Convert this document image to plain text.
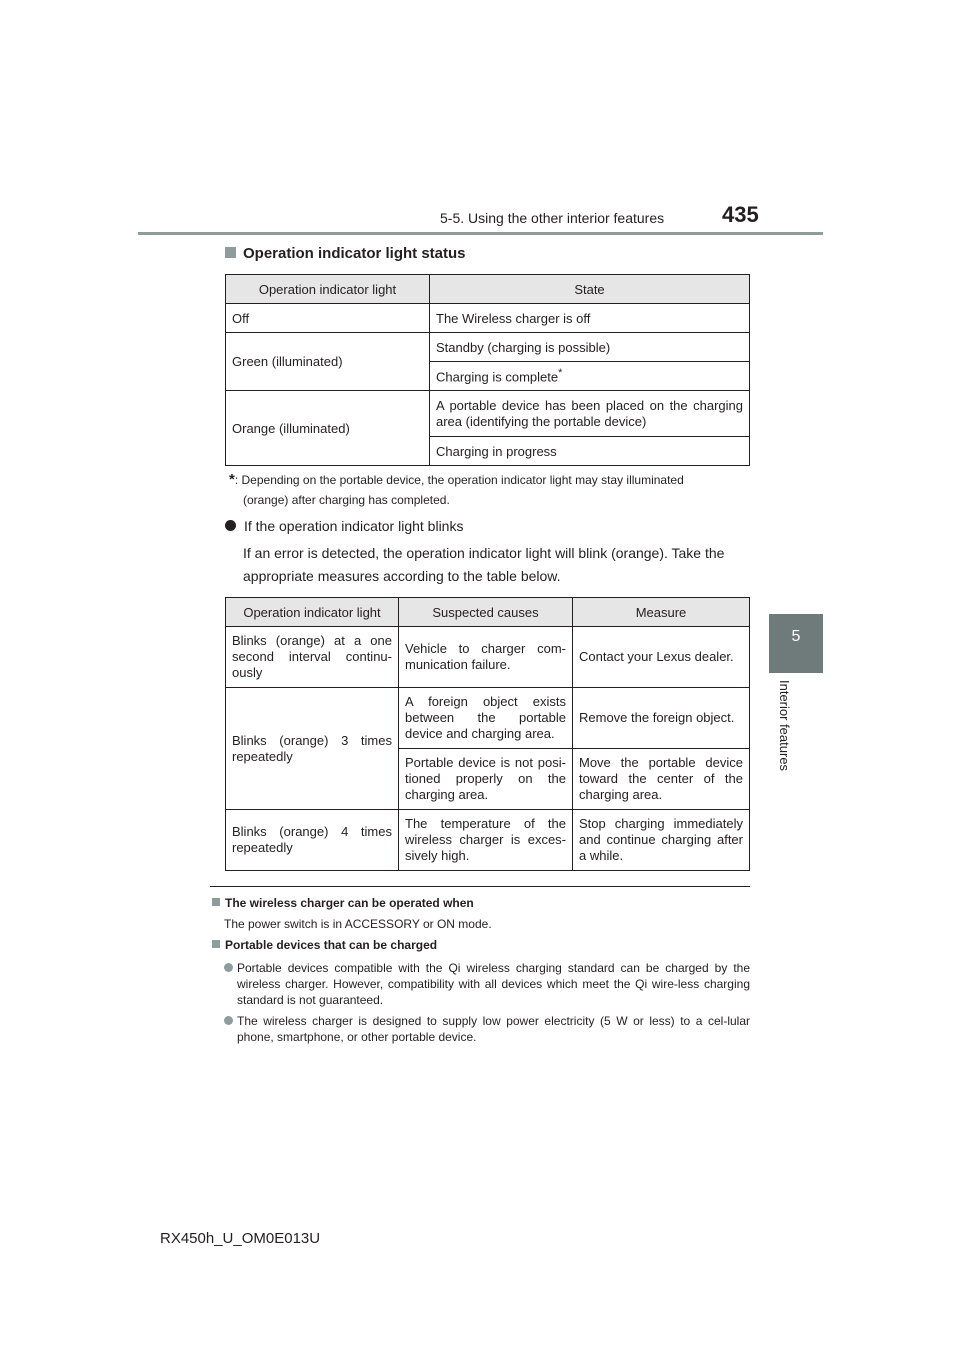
5-5. Using the other interior features	435
5
Interior features
Operation indicator light status
Operation indicator light	State
Off	The Wireless charger is off
Green (illuminated)	Standby (charging is possible)
	Charging is complete*
Orange (illuminated)	A portable device has been placed on the charging area (identifying the portable device)
	Charging in progress
*: Depending on the portable device, the operation indicator light may stay illuminated
(orange) after charging has completed.
If the operation indicator light blinks
If an error is detected, the operation indicator light will blink (orange). Take the appropriate measures according to the table below.
Operation indicator light	Suspected causes	Measure
Blinks (orange) at a one second interval continu-ously	Vehicle to charger com-munication failure.	Contact your Lexus dealer.
Blinks (orange) 3 times repeatedly	A foreign object exists between the portable device and charging area.	Remove the foreign object.
	Portable device is not posi-tioned properly on the charging area.	Move the portable device toward the center of the charging area.
Blinks (orange) 4 times repeatedly	The temperature of the wireless charger is exces-sively high.	Stop charging immediately and continue charging after a while.
The wireless charger can be operated when
The power switch is in ACCESSORY or ON mode.
Portable devices that can be charged
Portable devices compatible with the Qi wireless charging standard can be charged by the wireless charger. However, compatibility with all devices which meet the Qi wire-less charging standard is not guaranteed.
The wireless charger is designed to supply low power electricity (5 W or less) to a cel-lular phone, smartphone, or other portable device.
RX450h_U_OM0E013U
